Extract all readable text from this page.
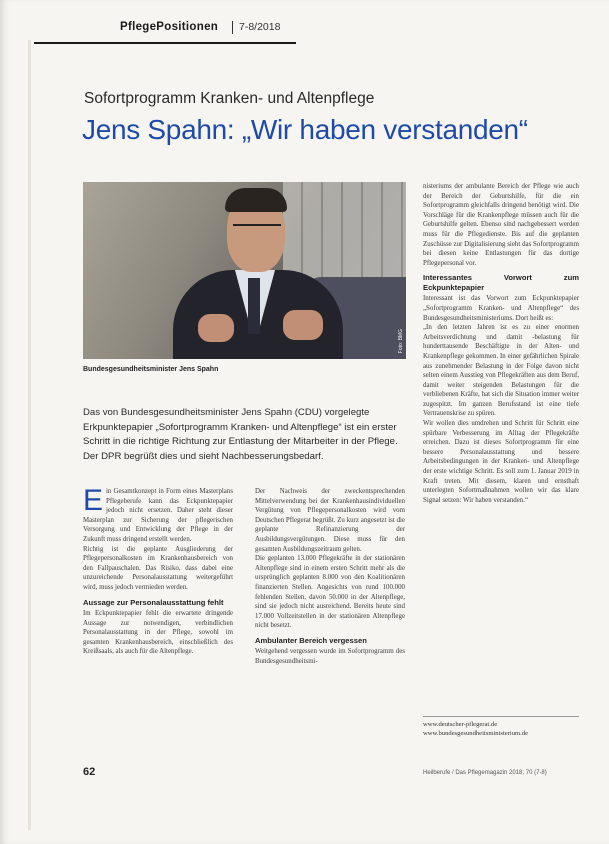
PflegePositionen	7-8/2018
Sofortprogramm Kranken- und Altenpflege
Jens Spahn: „Wir haben verstanden“
Foto: BMG
Bundesgesundheitsminister Jens Spahn
Das von Bundesgesundheitsminister Jens Spahn (CDU) vorgelegte Erkpunktepapier „Sofortprogramm Kranken- und Altenpflege“ ist ein erster Schritt in die richtige Richtung zur Entlastung der Mitarbeiter in der Pflege. Der DPR begrüßt dies und sieht Nachbesserungsbedarf.

Ein Gesamtkonzept in Form eines Masterplans Pflegeberufe kann das Eckpunktepapier jedoch nicht ersetzen. Daher steht dieser Masterplan zur Sicherung der pflegerischen Versorgung und Entwicklung der Pflege in der Zukunft muss dringend erstellt werden.

Richtig ist die geplante Ausgliederung der Pflegepersonalkosten im Krankenhausbereich von den Fallpauschalen. Das Risiko, dass dabei eine unzureichende Personalausstattung weitergeführt wird, muss jedoch vermieden werden.

Aussage zur Personalausstattung fehlt

Im Eckpunktepapier fehlt die erwartete dringende Aussage zur notwendigen, verbindlichen Personalausstattung in der Pflege, sowohl im gesamten Krankenhausbereich, einschließlich des Kreißsaals, als auch für die Altenpflege.

Der Nachweis der zweckentsprechenden Mittelverwendung bei der Krankenhausindividuellen Vergütung von Pflegepersonalkosten wird vom Deutschen Pflegerat begrüßt. Zu kurz angesetzt ist die geplante Refinanzierung der Ausbildungsvergütungen. Diese muss für den gesamten Ausbildungszeitraum gelten.

Die geplanten 13.000 Pflegekräfte in der stationären Altenpflege sind in einem ersten Schritt mehr als die ursprünglich geplanten 8.000 von den Koalitionären finanzierten Stellen. Angesichts von rund 100.000 fehlenden Stellen, davon 50.000 in der Altenpflege, sind sie jedoch nicht ausreichend. Bereits heute sind 17.000 Vollzeitstellen in der stationären Altenpflege nicht besetzt.

Ambulanter Bereich vergessen

Weitgehend vergessen wurde im Sofortprogramm des Bundesgesundheitsmi-

nisteriums der ambulante Bereich der Pflege wie auch der Bereich der Geburtshilfe, für die ein Sofortprogramm gleichfalls dringend benötigt wird. Die Vorschläge für die Krankenpflege müssen auch für die Geburtshilfe gelten. Ebenso sind nachgebessert werden muss für die Pflegedienste. Bis auf die geplanten Zuschüsse zur Digitalisierung sieht das Sofortprogramm bei diesen keine Entlastungen für das dortige Pflegepersonal vor.

Interessantes Vorwort zum Eckpunktepapier

Interessant ist das Vorwort zum Eckpunktepapier „Sofortprogramm Kranken- und Altenpflege“ des Bundesgesundheitsministeriums. Dort heißt es:

„In den letzten Jahren ist es zu einer enormen Arbeitsverdichtung und damit -belastung für hunderttausende Beschäftigte in der Alten- und Krankenpflege gekommen. In einer gefährlichen Spirale aus zunehmender Belastung in der Folge davon nicht selten einem Ausstieg von Pflegekräften aus dem Beruf, damit weiter steigenden Belastungen für die verbliebenen Kräfte, hat sich die Situation immer weiter zugespitzt. Im ganzen Berufsstand ist eine tiefe Vertrauenskrise zu spüren.

Wir wollen dies umdrehen und Schritt für Schritt eine spürbare Verbesserung im Alltag der Pflegekräfte erreichen. Dazu ist dieses Sofortprogramm für eine bessere Personalausstattung und bessere Arbeitsbedingungen in der Kranken- und Altenpflege der erste wichtige Schritt. Es soll zum 1. Januar 2019 in Kraft treten. Mit diesem, klaren und ernsthaft unterlegten Sofortmaßnahmen wollen wir das klare Signal setzen: Wir haben verstanden.“

www.deutscher-pflegerat.de
www.bundesgesundheitsministerium.de
62	Heilberufe / Das Pflegemagazin 2018; 70 (7-8)
